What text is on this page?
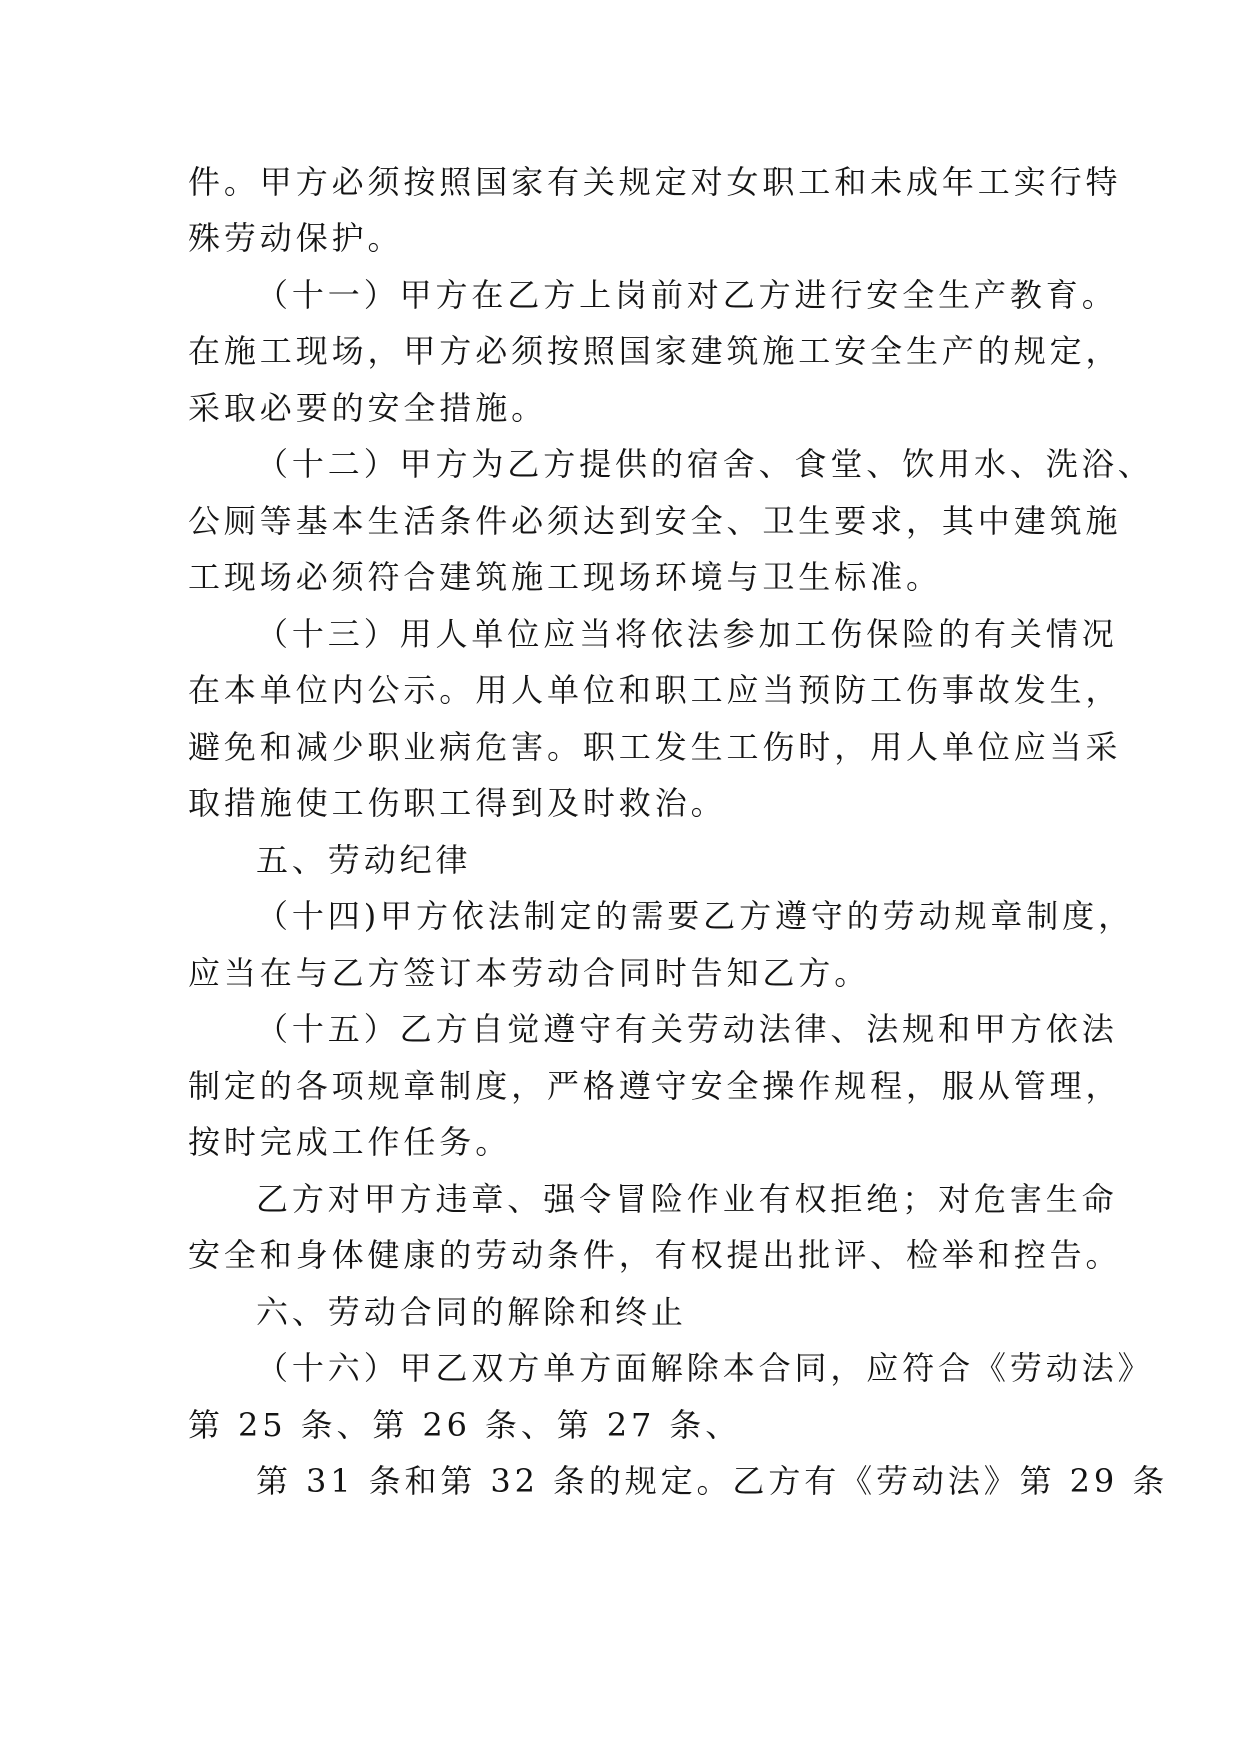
件。甲方必须按照国家有关规定对女职工和未成年工实行特
殊劳动保护。
（十一）甲方在乙方上岗前对乙方进行安全生产教育。
在施工现场，甲方必须按照国家建筑施工安全生产的规定，
采取必要的安全措施。
（十二）甲方为乙方提供的宿舍、食堂、饮用水、洗浴、
公厕等基本生活条件必须达到安全、卫生要求，其中建筑施
工现场必须符合建筑施工现场环境与卫生标准。
（十三）用人单位应当将依法参加工伤保险的有关情况
在本单位内公示。用人单位和职工应当预防工伤事故发生，
避免和减少职业病危害。职工发生工伤时，用人单位应当采
取措施使工伤职工得到及时救治。
五、劳动纪律
（十四)甲方依法制定的需要乙方遵守的劳动规章制度，
应当在与乙方签订本劳动合同时告知乙方。
（十五）乙方自觉遵守有关劳动法律、法规和甲方依法
制定的各项规章制度，严格遵守安全操作规程，服从管理，
按时完成工作任务。
乙方对甲方违章、强令冒险作业有权拒绝；对危害生命
安全和身体健康的劳动条件，有权提出批评、检举和控告。
六、劳动合同的解除和终止
（十六）甲乙双方单方面解除本合同，应符合《劳动法》
第 25 条、第 26 条、第 27 条、
第 31 条和第 32 条的规定。乙方有《劳动法》第 29 条
